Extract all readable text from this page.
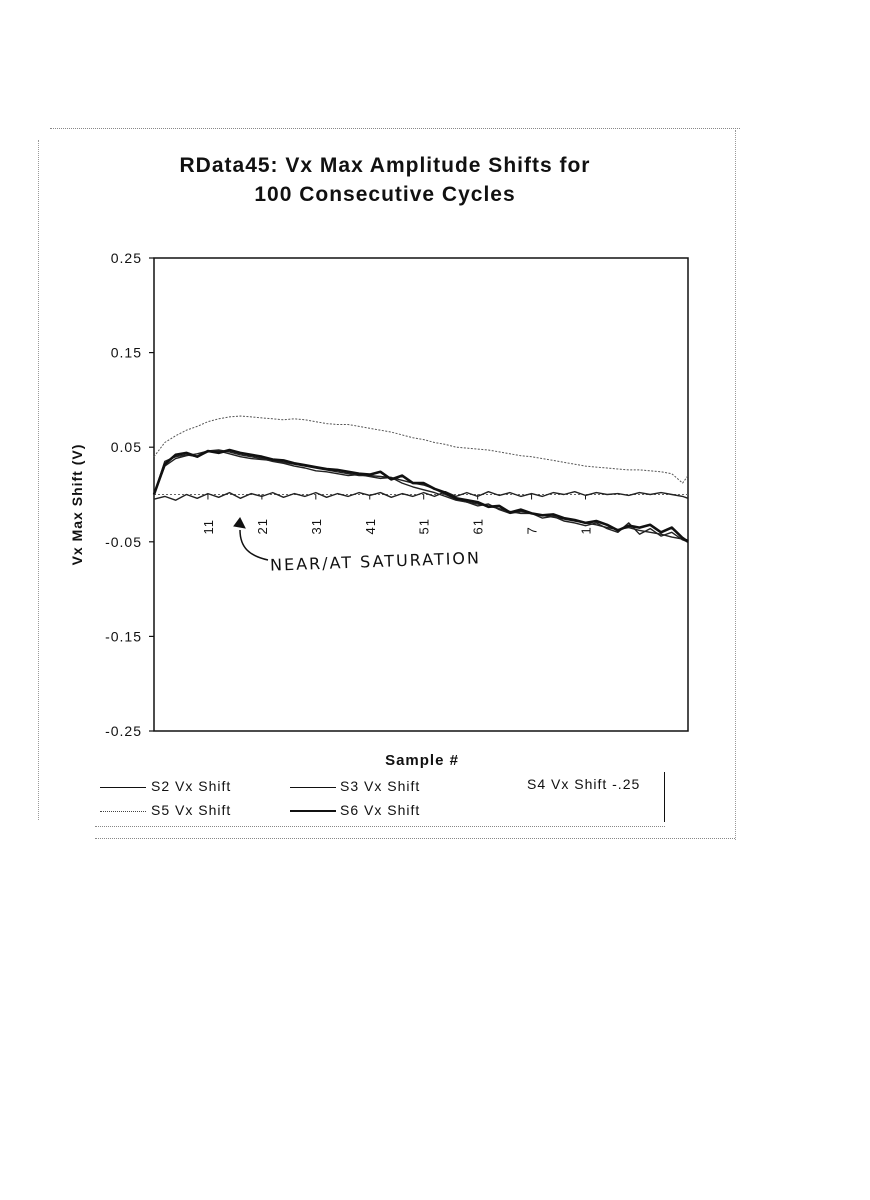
RData45: Vx Max Amplitude Shifts for
100 Consecutive Cycles
0.25
0.15
0.05
-0.05
-0.15
-0.25
11	21	31	41	51	61	7	1
Vx Max Shift (V)
Sample #
NEAR/AT SATURATION
S2 Vx Shift	S3 Vx Shift	S4 Vx Shift -.25
S5 Vx Shift	S6 Vx Shift
